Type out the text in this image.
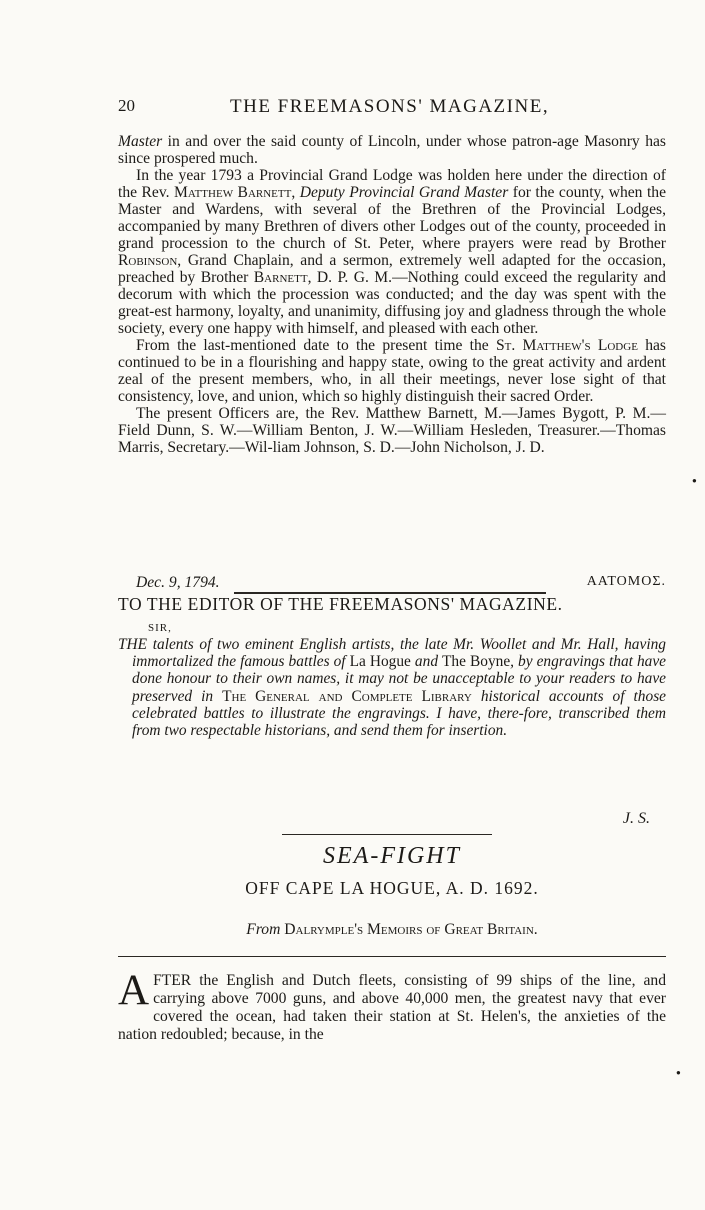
20	THE FREEMASONS' MAGAZINE,

Master in and over the said county of Lincoln, under whose patron-age Masonry has since prospered much.

In the year 1793 a Provincial Grand Lodge was holden here under the direction of the Rev. Matthew Barnett, Deputy Provincial Grand Master for the county, when the Master and Wardens, with several of the Brethren of the Provincial Lodges, accompanied by many Brethren of divers other Lodges out of the county, proceeded in grand procession to the church of St. Peter, where prayers were read by Brother Robinson, Grand Chaplain, and a sermon, extremely well adapted for the occasion, preached by Brother Barnett, D. P. G. M.—Nothing could exceed the regularity and decorum with which the procession was conducted; and the day was spent with the great-est harmony, loyalty, and unanimity, diffusing joy and gladness through the whole society, every one happy with himself, and pleased with each other.

From the last-mentioned date to the present time the St. Matthew's Lodge has continued to be in a flourishing and happy state, owing to the great activity and ardent zeal of the present members, who, in all their meetings, never lose sight of that consistency, love, and union, which so highly distinguish their sacred Order.

The present Officers are, the Rev. Matthew Barnett, M.—James Bygott, P. M.—Field Dunn, S. W.—William Benton, J. W.—William Hesleden, Treasurer.—Thomas Marris, Secretary.—Wil-liam Johnson, S. D.—John Nicholson, J. D.

Dec. 9, 1794.	ΑΑΤΟΜΟΣ.
TO THE EDITOR OF THE FREEMASONS' MAGAZINE.
SIR,

THE talents of two eminent English artists, the late Mr. Woollet and Mr. Hall, having immortalized the famous battles of La Hogue and The Boyne, by engravings that have done honour to their own names, it may not be unacceptable to your readers to have preserved in The General and Complete Library historical accounts of those celebrated battles to illustrate the engravings. I have, there-fore, transcribed them from two respectable historians, and send them for insertion.

J. S.
SEA-FIGHT
OFF CAPE LA HOGUE, A. D. 1692.
From Dalrymple's Memoirs of Great Britain.
AFTER the English and Dutch fleets, consisting of 99 ships of the line, and carrying above 7000 guns, and above 40,000 men, the greatest navy that ever covered the ocean, had taken their station at St. Helen's, the anxieties of the nation redoubled; because, in the
●
●
